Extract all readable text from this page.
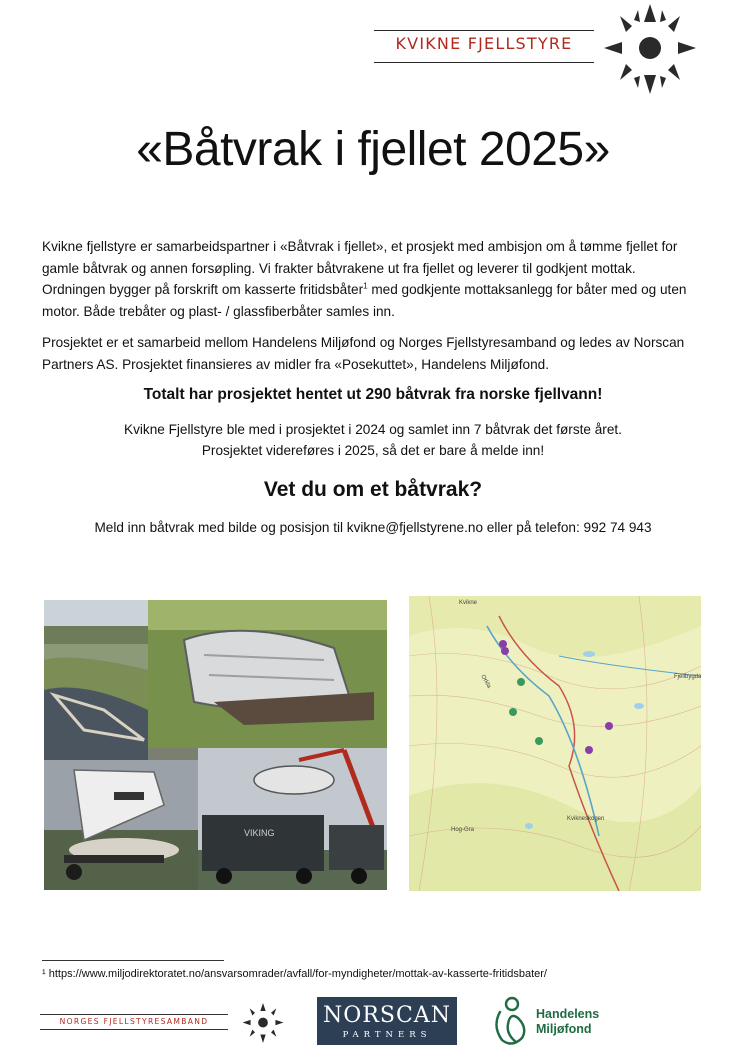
KVIKNE FJELLSTYRE
«Båtvrak i fjellet 2025»
Kvikne fjellstyre er samarbeidspartner i «Båtvrak i fjellet», et prosjekt med ambisjon om å tømme fjellet for gamle båtvrak og annen forsøpling. Vi frakter båtvrakene ut fra fjellet og leverer til godkjent mottak. Ordningen bygger på forskrift om kasserte fritidsbåter$^1$ med godkjente mottaksanlegg for båter med og uten motor. Både trebåter og plast- / glassfiberbåter samles inn.
Prosjektet er et samarbeid mellom Handelens Miljøfond og Norges Fjellstyresamband og ledes av Norscan Partners AS. Prosjektet finansieres av midler fra «Posekuttet», Handelens Miljøfond.
Totalt har prosjektet hentet ut 290 båtvrak fra norske fjellvann!
Kvikne Fjellstyre ble med i prosjektet i 2024 og samlet inn 7 båtvrak det første året.
Prosjektet videreføres i 2025, så det er bare å melde inn!
Vet du om et båtvrak?
Meld inn båtvrak med bilde og posisjon til kvikne@fjellstyrene.no eller på telefon: 992 74 943
VIKING
Kvikne
Orkla
Kvikneskogen
Hog-Gra
Fjellbygda
¹ https://www.miljodirektoratet.no/ansvarsomrader/avfall/for-myndigheter/mottak-av-kasserte-fritidsbater/
NORGES FJELLSTYRESAMBAND	NORSCAN
PARTNERS
Handelens
Miljøfond
